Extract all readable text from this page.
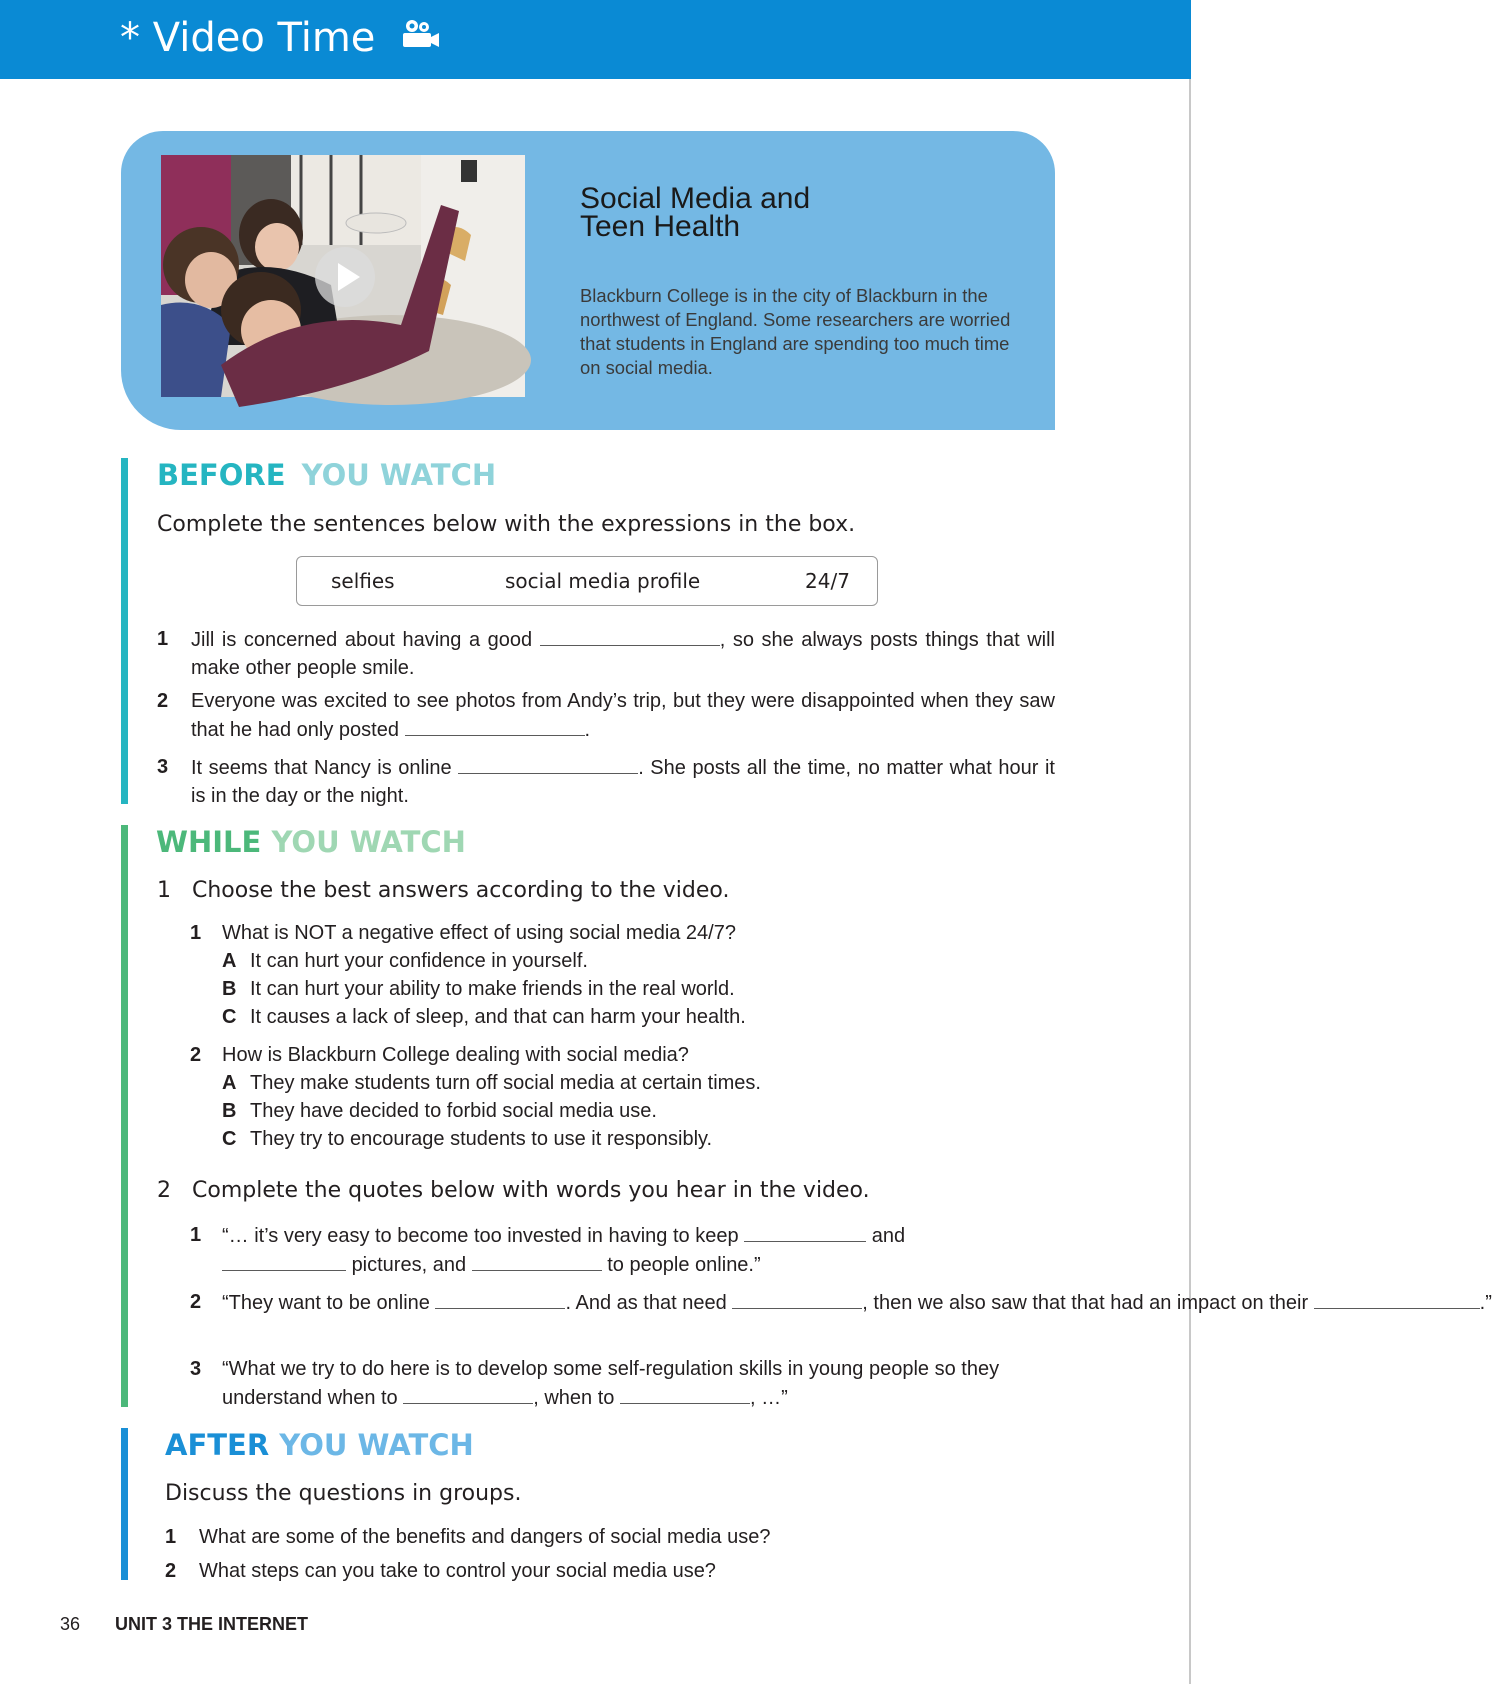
* Video Time
Social Media and
Teen Health
Blackburn College is in the city of Blackburn in the northwest of England. Some researchers are worried that students in England are spending too much time on social media.
BEFORE YOU WATCH
Complete the sentences below with the expressions in the box.
selfies	social media profile	24/7
1 Jill is concerned about having a good	, so she always posts things that will make other people smile.
2 Everyone was excited to see photos from Andy’s trip, but they were disappointed when they saw that he had only posted	.
3 It seems that Nancy is online	. She posts all the time, no matter what hour it is in the day or the night.
WHILE YOU WATCH
1 Choose the best answers according to the video.
1 What is NOT a negative effect of using social media 24/7?
A It can hurt your confidence in yourself.
B It can hurt your ability to make friends in the real world.
C It causes a lack of sleep, and that can harm your health.
2 How is Blackburn College dealing with social media?
A They make students turn off social media at certain times.
B They have decided to forbid social media use.
C They try to encourage students to use it responsibly.
2 Complete the quotes below with words you hear in the video.
1 “… it’s very easy to become too invested in having to keep	and
pictures, and	to people online.”
2 “They want to be online	. And as that need	, then we also saw that that had an impact on their	.”
3 “What we try to do here is to develop some self-regulation skills in young people so they understand when to	, when to	, …”
AFTER YOU WATCH
Discuss the questions in groups.
1 What are some of the benefits and dangers of social media use?
2 What steps can you take to control your social media use?
36 UNIT 3 THE INTERNET
